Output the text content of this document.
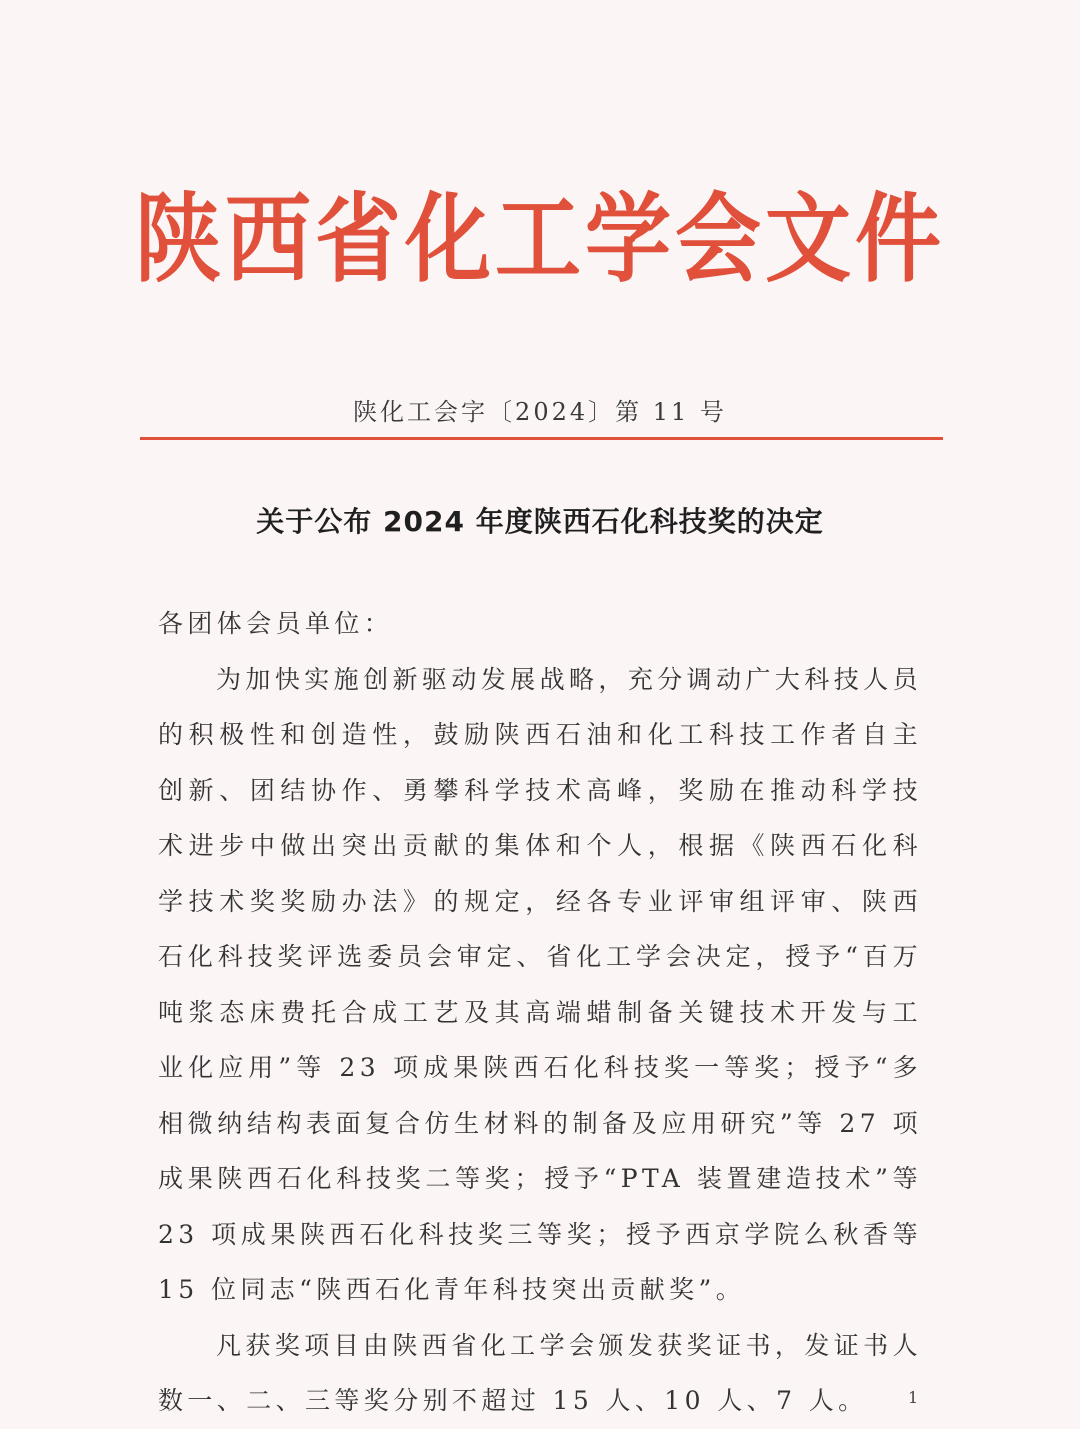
陕西省化工学会文件
陕化工会字〔2024〕第 11 号
关于公布 2024 年度陕西石化科技奖的决定

各团体会员单位：

为加快实施创新驱动发展战略，充分调动广大科技人员的积极性和创造性，鼓励陕西石油和化工科技工作者自主创新、团结协作、勇攀科学技术高峰，奖励在推动科学技术进步中做出突出贡献的集体和个人，根据《陕西石化科学技术奖奖励办法》的规定，经各专业评审组评审、陕西石化科技奖评选委员会审定、省化工学会决定，授予“百万吨浆态床费托合成工艺及其高端蜡制备关键技术开发与工业化应用”等 23 项成果陕西石化科技奖一等奖；授予“多相微纳结构表面复合仿生材料的制备及应用研究”等 27 项成果陕西石化科技奖二等奖；授予“PTA 装置建造技术”等 23 项成果陕西石化科技奖三等奖；授予西京学院么秋香等 15 位同志“陕西石化青年科技突出贡献奖”。

凡获奖项目由陕西省化工学会颁发获奖证书，发证书人数一、二、三等奖分别不超过 15 人、10 人、7 人。	1
